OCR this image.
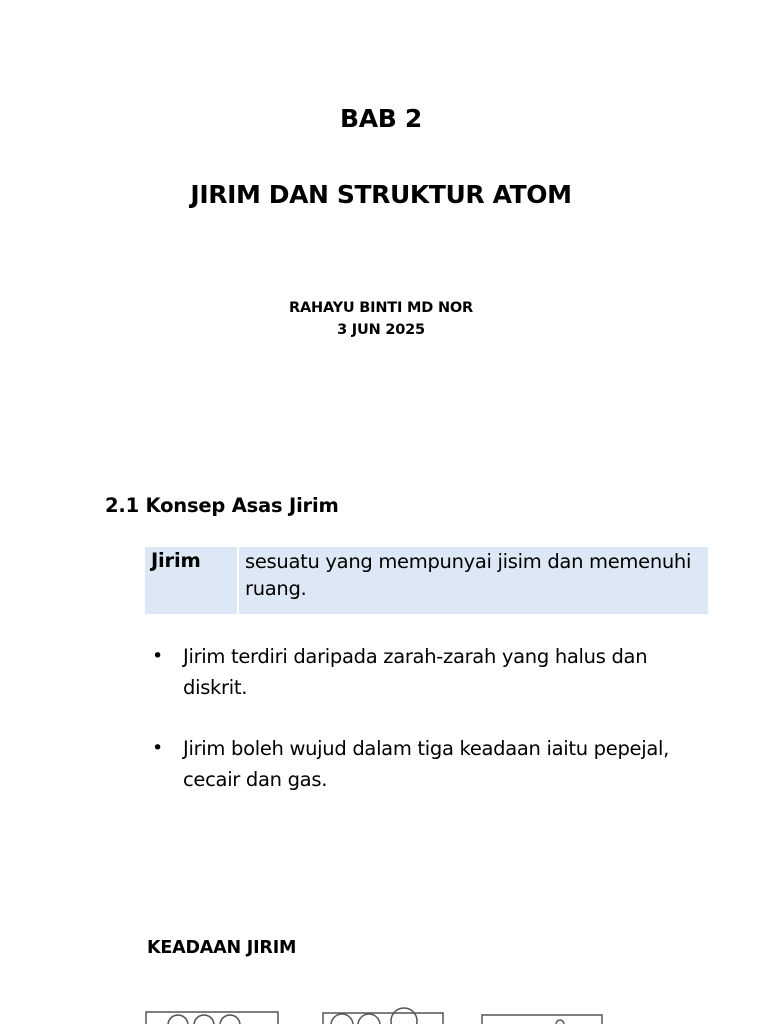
BAB 2
JIRIM DAN STRUKTUR ATOM
RAHAYU BINTI MD NOR
3 JUN 2025
2.1 Konsep Asas Jirim
Jirim	sesuatu yang mempunyai jisim dan memenuhi ruang.
• Jirim terdiri daripada zarah-zarah yang halus dan diskrit.
• Jirim boleh wujud dalam tiga keadaan iaitu pepejal, cecair dan gas.
KEADAAN JIRIM
